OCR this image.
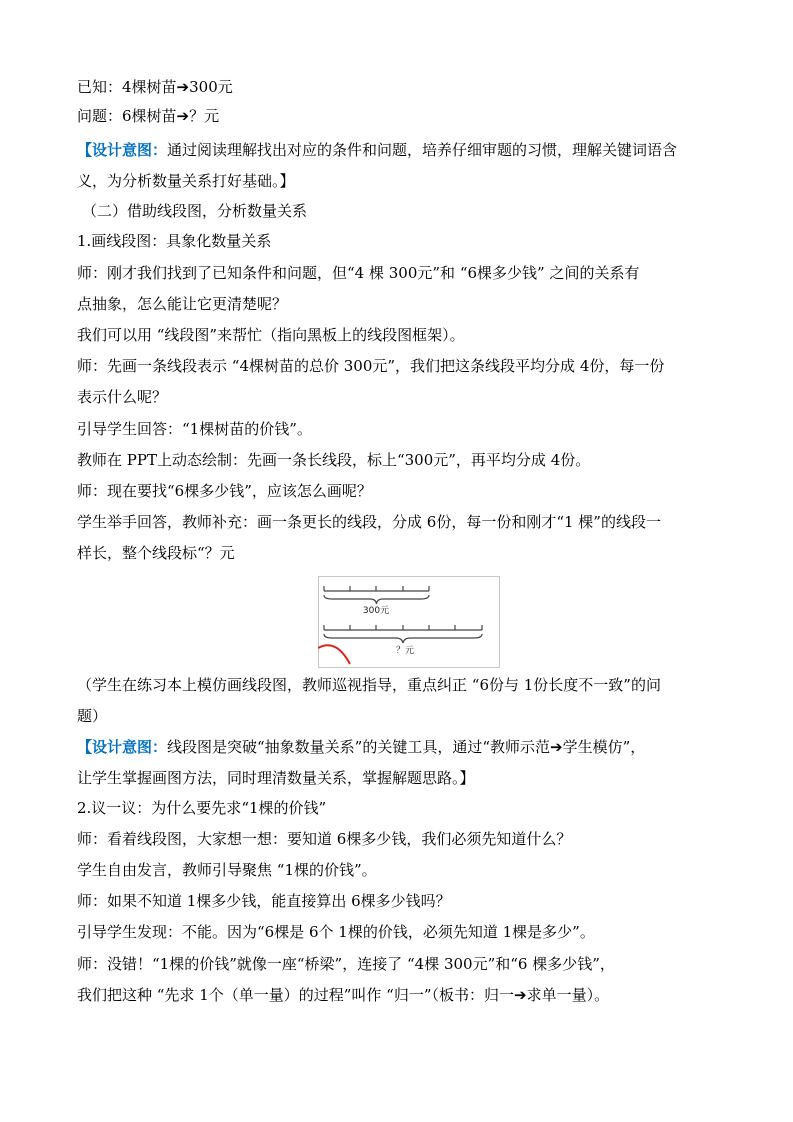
已知：4棵树苗➔300元
问题：6棵树苗➔？元
【设计意图：通过阅读理解找出对应的条件和问题，培养仔细审题的习惯，理解关键词语含
义，为分析数量关系打好基础。】
（二）借助线段图，分析数量关系
1.画线段图：具象化数量关系
师：刚才我们找到了已知条件和问题，但“4 棵 300元”和 “6棵多少钱” 之间的关系有
点抽象，怎么能让它更清楚呢？
我们可以用 “线段图”来帮忙（指向黑板上的线段图框架）。
师：先画一条线段表示 “4棵树苗的总价 300元”，我们把这条线段平均分成 4份，每一份
表示什么呢？
引导学生回答：“1棵树苗的价钱”。
教师在 PPT上动态绘制：先画一条长线段，标上“300元”，再平均分成 4份。
师：现在要找“6棵多少钱”，应该怎么画呢？
学生举手回答，教师补充：画一条更长的线段，分成 6份，每一份和刚才“1 棵”的线段一
样长，整个线段标“？元
300元
？元
（学生在练习本上模仿画线段图，教师巡视指导，重点纠正 “6份与 1份长度不一致”的问
题）
【设计意图：线段图是突破“抽象数量关系”的关键工具，通过“教师示范➔学生模仿”，
让学生掌握画图方法，同时理清数量关系，掌握解题思路。】
2.议一议：为什么要先求“1棵的价钱”
师：看着线段图，大家想一想：要知道 6棵多少钱，我们必须先知道什么？
学生自由发言，教师引导聚焦 “1棵的价钱”。
师：如果不知道 1棵多少钱，能直接算出 6棵多少钱吗？
引导学生发现：不能。因为“6棵是 6个 1棵的价钱，必须先知道 1棵是多少”。
师：没错！“1棵的价钱”就像一座“桥梁”，连接了 “4棵 300元”和“6 棵多少钱”，
我们把这种 “先求 1个（单一量）的过程”叫作 “归一”（板书：归一➔求单一量）。
